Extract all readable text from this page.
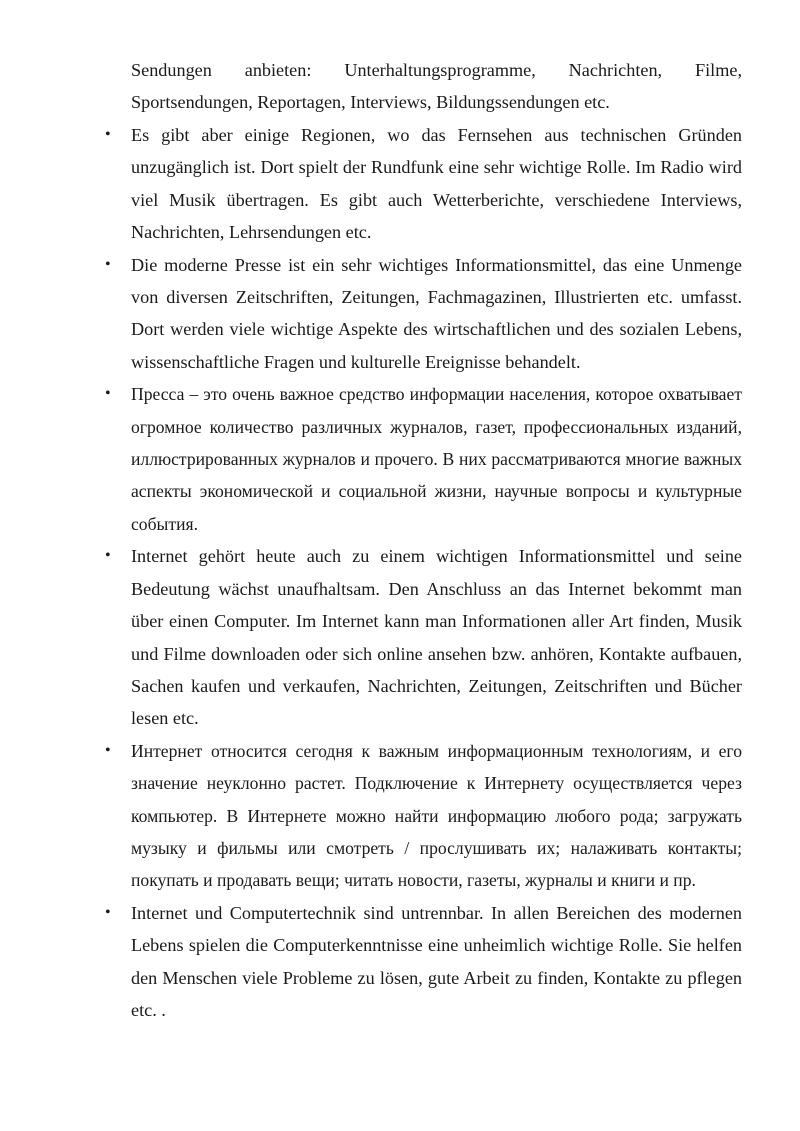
Sendungen anbieten: Unterhaltungsprogramme, Nachrichten, Filme, Sportsendungen, Reportagen, Interviews, Bildungssendungen etc.

• Es gibt aber einige Regionen, wo das Fernsehen aus technischen Gründen unzugänglich ist. Dort spielt der Rundfunk eine sehr wichtige Rolle. Im Radio wird viel Musik übertragen. Es gibt auch Wetterberichte, verschiedene Interviews, Nachrichten, Lehrsendungen etc.
• Die moderne Presse ist ein sehr wichtiges Informationsmittel, das eine Unmenge von diversen Zeitschriften, Zeitungen, Fachmagazinen, Illustrierten etc. umfasst. Dort werden viele wichtige Aspekte des wirtschaftlichen und des sozialen Lebens, wissenschaftliche Fragen und kulturelle Ereignisse behandelt.
• Пресса – это очень важное средство информации населения, которое охватывает огромное количество различных журналов, газет, профессиональных изданий, иллюстрированных журналов и прочего. В них рассматриваются многие важных аспекты экономической и социальной жизни, научные вопросы и культурные события.
• Internet gehört heute auch zu einem wichtigen Informationsmittel und seine Bedeutung wächst unaufhaltsam. Den Anschluss an das Internet bekommt man über einen Computer. Im Internet kann man Informationen aller Art finden, Musik und Filme downloaden oder sich online ansehen bzw. anhören, Kontakte aufbauen, Sachen kaufen und verkaufen, Nachrichten, Zeitungen, Zeitschriften und Bücher lesen etc.
• Интернет относится сегодня к важным информационным технологиям, и его значение неуклонно растет. Подключение к Интернету осуществляется через компьютер. В Интернете можно найти информацию любого рода; загружать музыку и фильмы или смотреть / прослушивать их; налаживать контакты; покупать и продавать вещи; читать новости, газеты, журналы и книги и пр.
• Internet und Computertechnik sind untrennbar. In allen Bereichen des modernen Lebens spielen die Computerkenntnisse eine unheimlich wichtige Rolle. Sie helfen den Menschen viele Probleme zu lösen, gute Arbeit zu finden, Kontakte zu pflegen etc. .
